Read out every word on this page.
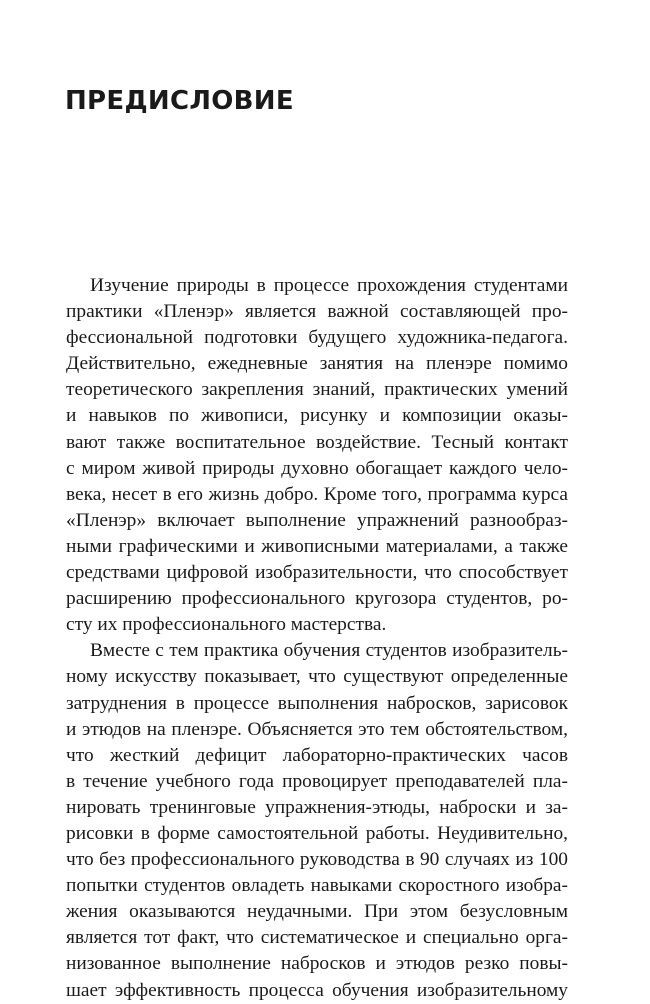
ПРЕДИСЛОВИЕ
Изучение природы в процессе прохождения студентами
практики «Пленэр» является важной составляющей про-
фессиональной подготовки будущего художника-педагога.
Действительно, ежедневные занятия на пленэре помимо
теоретического закрепления знаний, практических умений
и навыков по живописи, рисунку и композиции оказы-
вают также воспитательное воздействие. Тесный контакт
с миром живой природы духовно обогащает каждого чело-
века, несет в его жизнь добро. Кроме того, программа курса
«Пленэр» включает выполнение упражнений разнообраз-
ными графическими и живописными материалами, а также
средствами цифровой изобразительности, что способствует
расширению профессионального кругозора студентов, ро-
сту их профессионального мастерства.
Вместе с тем практика обучения студентов изобразитель-
ному искусству показывает, что существуют определенные
затруднения в процессе выполнения набросков, зарисовок
и этюдов на пленэре. Объясняется это тем обстоятельством,
что жесткий дефицит лабораторно-практических часов
в течение учебного года провоцирует преподавателей пла-
нировать тренинговые упражнения-этюды, наброски и за-
рисовки в форме самостоятельной работы. Неудивительно,
что без профессионального руководства в 90 случаях из 100
попытки студентов овладеть навыками скоростного изобра-
жения оказываются неудачными. При этом безусловным
является тот факт, что систематическое и специально орга-
низованное выполнение набросков и этюдов резко повы-
шает эффективность процесса обучения изобразительному
